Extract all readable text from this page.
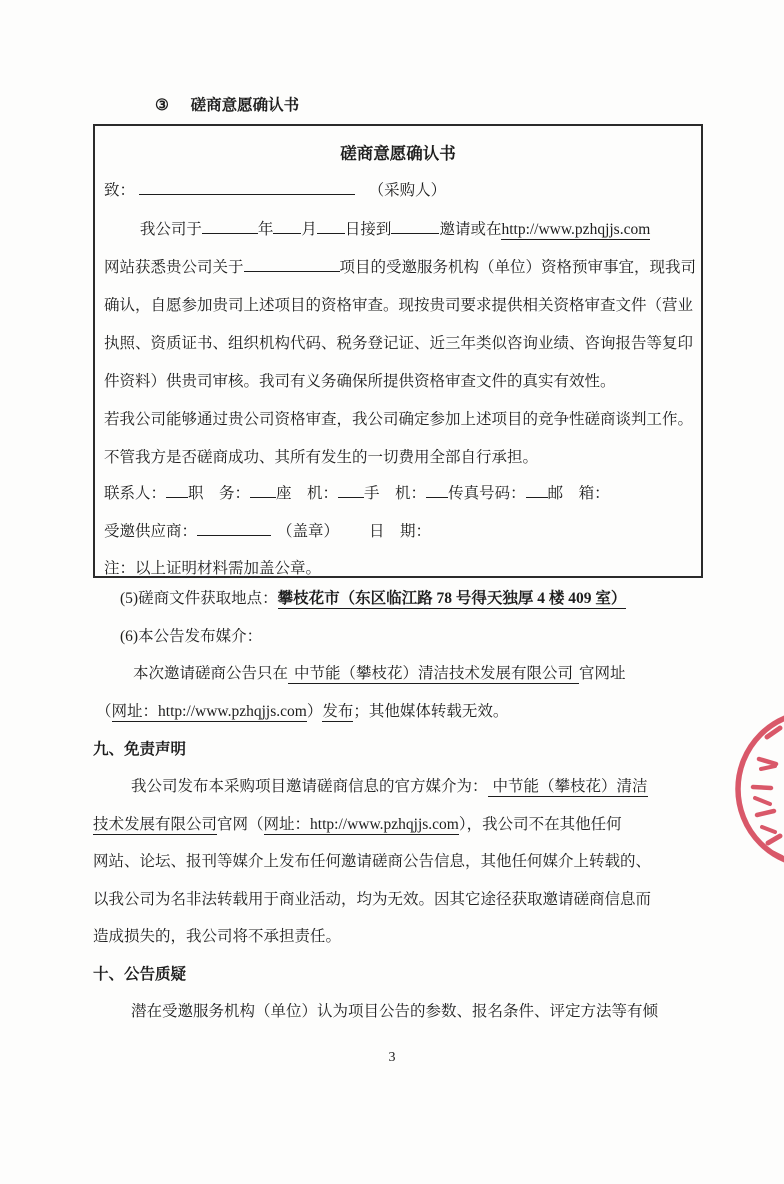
③ 磋商意愿确认书
磋商意愿确认书
致：	（采购人）
我公司于	年 月 日接到	邀请或在http://www.pzhqjjs.com
网站获悉贵公司关于	项目的受邀服务机构（单位）资格预审事宜，现我司
确认，自愿参加贵司上述项目的资格审查。现按贵司要求提供相关资格审查文件（营业
执照、资质证书、组织机构代码、税务登记证、近三年类似咨询业绩、咨询报告等复印
件资料）供贵司审核。我司有义务确保所提供资格审查文件的真实有效性。
若我公司能够通过贵公司资格审查，我公司确定参加上述项目的竞争性磋商谈判工作。
不管我方是否磋商成功、其所有发生的一切费用全部自行承担。
联系人： 职　务： 座　机： 手　机： 传真号码： 邮　箱：
受邀供应商：	（盖章） 日　期：
注：以上证明材料需加盖公章。
(5)磋商文件获取地点：攀枝花市（东区临江路 78 号得天独厚 4 楼 409 室）
(6)本公告发布媒介：
本次邀请磋商公告只在 中节能（攀枝花）清洁技术发展有限公司 官网址
（网址：http://www.pzhqjjs.com）发布；其他媒体转载无效。
九、免责声明
我公司发布本采购项目邀请磋商信息的官方媒介为： 中节能（攀枝花）清洁
技术发展有限公司官网（网址：http://www.pzhqjjs.com），我公司不在其他任何
网站、论坛、报刊等媒介上发布任何邀请磋商公告信息，其他任何媒介上转载的、
以我公司为名非法转载用于商业活动，均为无效。因其它途径获取邀请磋商信息而
造成损失的，我公司将不承担责任。
十、公告质疑
潜在受邀服务机构（单位）认为项目公告的参数、报名条件、评定方法等有倾
3
